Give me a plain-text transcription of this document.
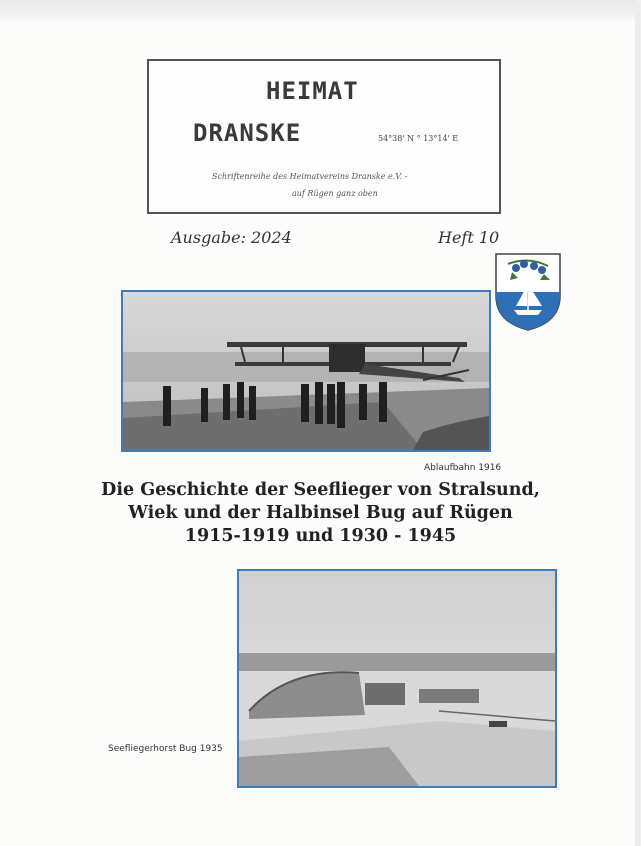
HEIMAT
DRANSKE	54°38' N ° 13°14' E
Schriftenreihe des Heimatvereins Dranske e.V. -
auf Rügen ganz oben
Ausgabe: 2024	Heft 10
Ablaufbahn 1916
Die Geschichte der Seeflieger von Stralsund,
Wiek und der Halbinsel Bug auf Rügen
1915-1919 und 1930 - 1945
Seefliegerhorst Bug 1935
